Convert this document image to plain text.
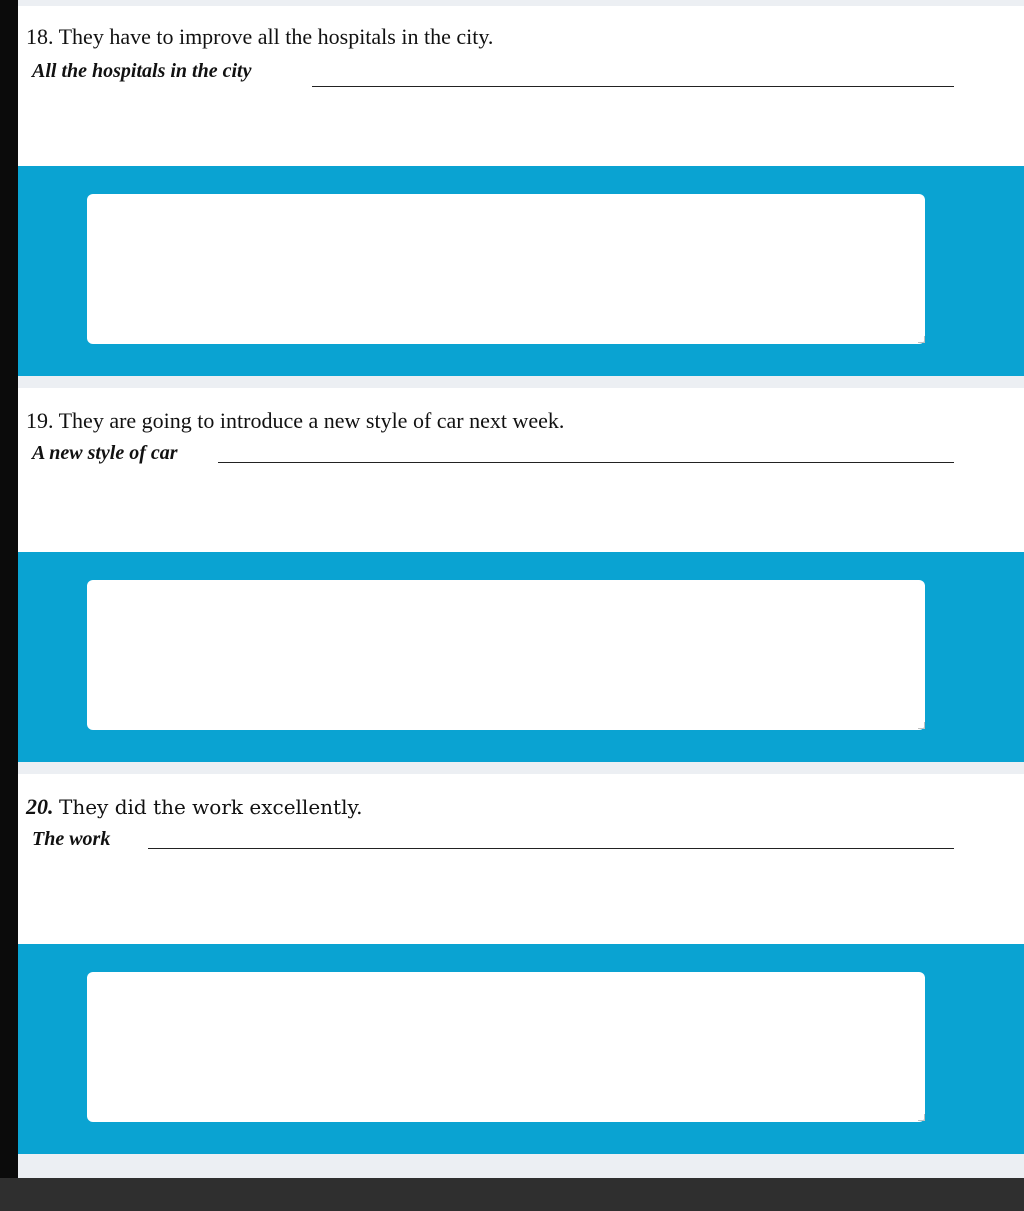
18. They have to improve all the hospitals in the city.
All the hospitals in the city
19. They are going to introduce a new style of car next week.
A new style of car
20. They did the work excellently.
The work
